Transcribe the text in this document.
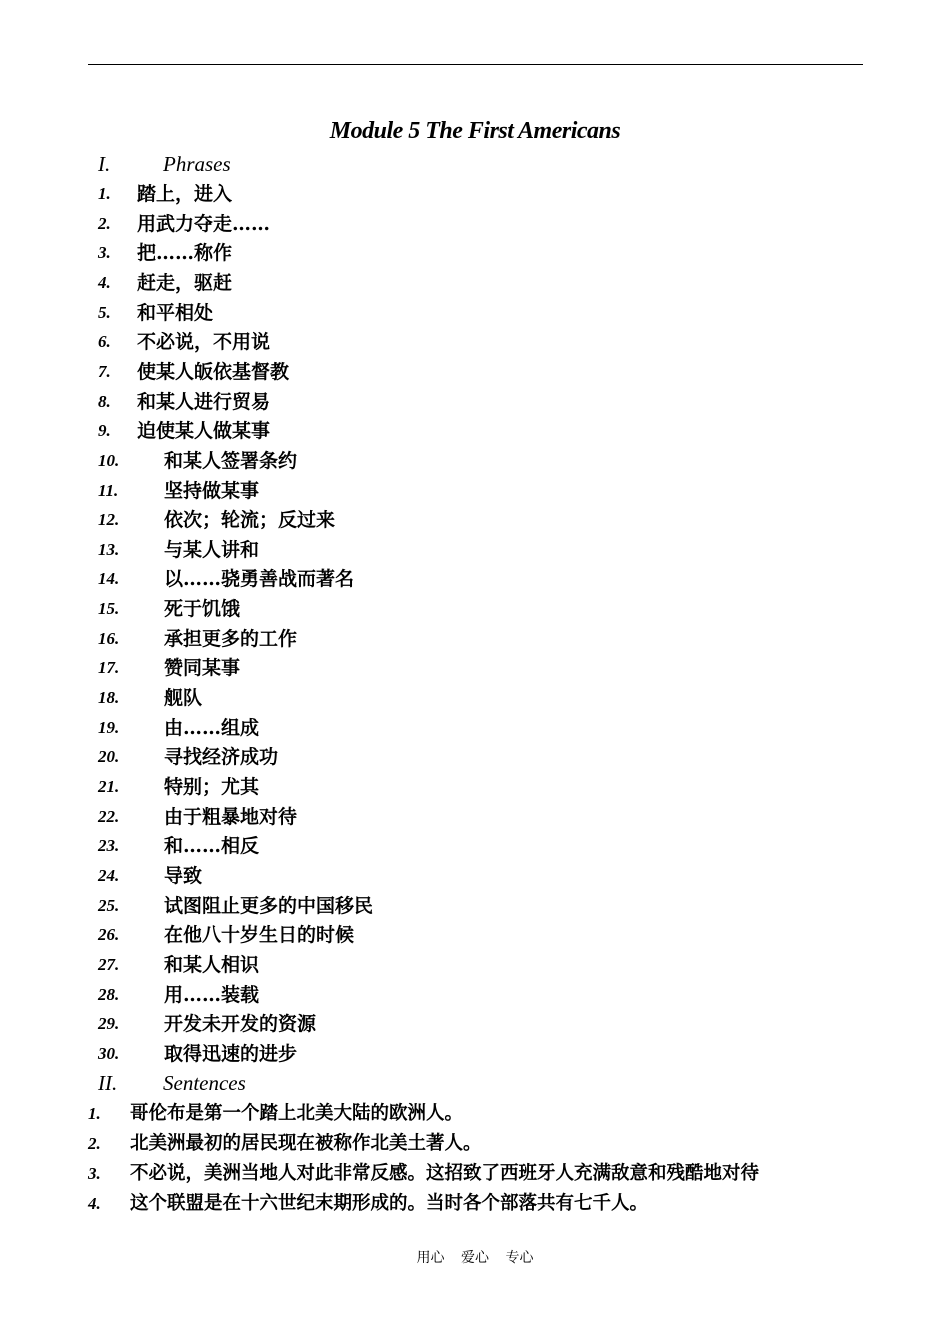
Module 5 The First Americans
I.	Phrases
1. 踏上，进入
2. 用武力夺走……
3. 把……称作
4. 赶走，驱赶
5. 和平相处
6. 不必说，不用说
7. 使某人皈依基督教
8. 和某人进行贸易
9. 迫使某人做某事
10. 和某人签署条约
11. 坚持做某事
12. 依次；轮流；反过来
13. 与某人讲和
14. 以……骁勇善战而著名
15. 死于饥饿
16. 承担更多的工作
17. 赞同某事
18. 舰队
19. 由……组成
20. 寻找经济成功
21. 特别；尤其
22. 由于粗暴地对待
23. 和……相反
24. 导致
25. 试图阻止更多的中国移民
26. 在他八十岁生日的时候
27. 和某人相识
28. 用……装载
29. 开发未开发的资源
30. 取得迅速的进步
II. Sentences
1. 哥伦布是第一个踏上北美大陆的欧洲人。
2. 北美洲最初的居民现在被称作北美土著人。
3. 不必说，美洲当地人对此非常反感。这招致了西班牙人充满敌意和残酷地对待
4. 这个联盟是在十六世纪末期形成的。当时各个部落共有七千人。
用心 爱心 专心
